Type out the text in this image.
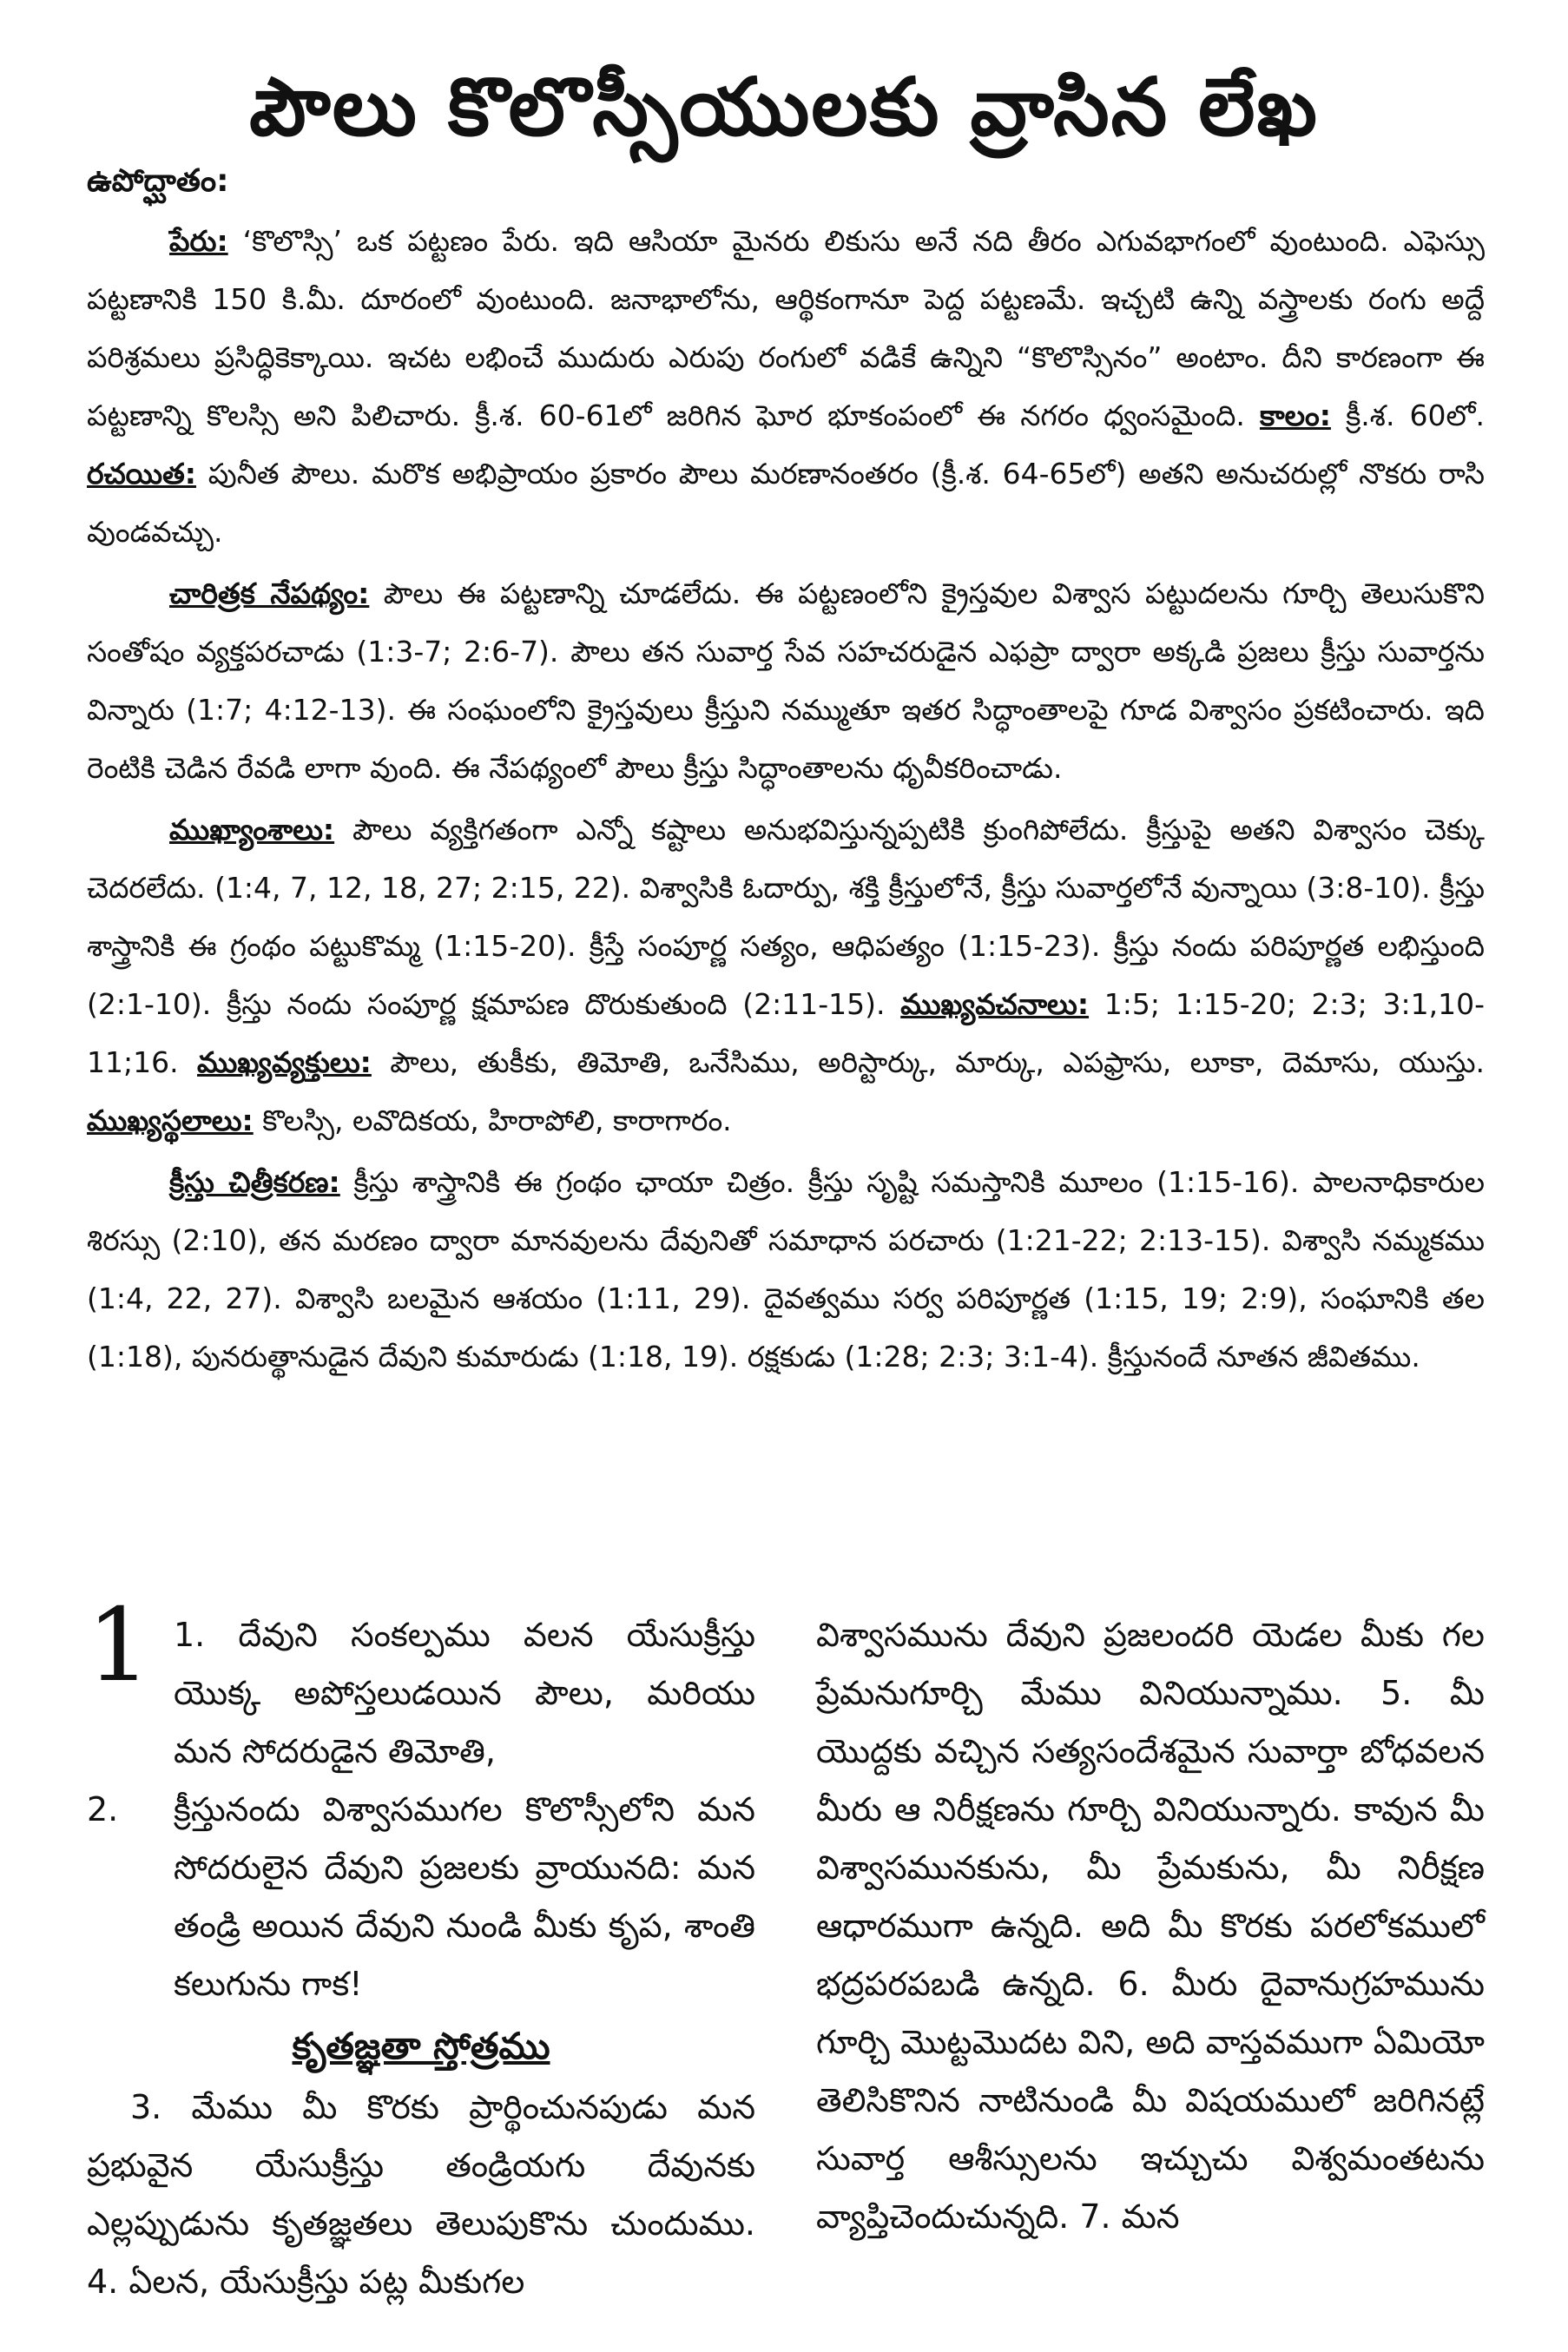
పౌలు కొలొస్సీయులకు వ్రాసిన లేఖ
ఉపోద్ఘాతం:

పేరు: ‘కొలొస్సి’ ఒక పట్టణం పేరు. ఇది ఆసియా మైనరు లికుసు అనే నది తీరం ఎగువభాగంలో వుంటుంది. ఎఫెస్సు పట్టణానికి 150 కి.మీ. దూరంలో వుంటుంది. జనాభాలోను, ఆర్థికంగానూ పెద్ద పట్టణమే. ఇచ్చటి ఉన్ని వస్త్రాలకు రంగు అద్దే పరిశ్రమలు ప్రసిద్ధికెక్కాయి. ఇచట లభించే ముదురు ఎరుపు రంగులో వడికే ఉన్నిని “కొలొస్సినం” అంటాం. దీని కారణంగా ఈ పట్టణాన్ని కొలస్సి అని పిలిచారు. క్రీ.శ. 60-61లో జరిగిన ఘోర భూకంపంలో ఈ నగరం ధ్వంసమైంది. కాలం: క్రీ.శ. 60లో. రచయిత: పునీత పౌలు. మరొక అభిప్రాయం ప్రకారం పౌలు మరణానంతరం (క్రీ.శ. 64-65లో) అతని అనుచరుల్లో నొకరు రాసి వుండవచ్చు.

చారిత్రక నేపథ్యం: పౌలు ఈ పట్టణాన్ని చూడలేదు. ఈ పట్టణంలోని క్రైస్తవుల విశ్వాస పట్టుదలను గూర్చి తెలుసుకొని సంతోషం వ్యక్తపరచాడు (1:3-7; 2:6-7). పౌలు తన సువార్త సేవ సహచరుడైన ఎఫప్రా ద్వారా అక్కడి ప్రజలు క్రీస్తు సువార్తను విన్నారు (1:7; 4:12-13). ఈ సంఘంలోని క్రైస్తవులు క్రీస్తుని నమ్ముతూ ఇతర సిద్ధాంతాలపై గూడ విశ్వాసం ప్రకటించారు. ఇది రెంటికి చెడిన రేవడి లాగా వుంది. ఈ నేపథ్యంలో పౌలు క్రీస్తు సిద్ధాంతాలను ధృవీకరించాడు.

ముఖ్యాంశాలు: పౌలు వ్యక్తిగతంగా ఎన్నో కష్టాలు అనుభవిస్తున్నప్పటికి క్రుంగిపోలేదు. క్రీస్తుపై అతని విశ్వాసం చెక్కు చెదరలేదు. (1:4, 7, 12, 18, 27; 2:15, 22). విశ్వాసికి ఓదార్పు, శక్తి క్రీస్తులోనే, క్రీస్తు సువార్తలోనే వున్నాయి (3:8-10). క్రీస్తు శాస్త్రానికి ఈ గ్రంథం పట్టుకొమ్మ (1:15-20). క్రీస్తే సంపూర్ణ సత్యం, ఆధిపత్యం (1:15-23). క్రీస్తు నందు పరిపూర్ణత లభిస్తుంది (2:1-10). క్రీస్తు నందు సంపూర్ణ క్షమాపణ దొరుకుతుంది (2:11-15). ముఖ్యవచనాలు: 1:5; 1:15-20; 2:3; 3:1,10-11;16. ముఖ్యవ్యక్తులు: పౌలు, తుకీకు, తిమోతి, ఒనేసిము, అరిస్టార్కు, మార్కు, ఎపఫ్రాసు, లూకా, దెమాసు, యుస్తు. ముఖ్యస్థలాలు: కొలస్సి, లవొదికయ, హిరాపోలి, కారాగారం.

క్రీస్తు చిత్రీకరణ: క్రీస్తు శాస్త్రానికి ఈ గ్రంథం ఛాయా చిత్రం. క్రీస్తు సృష్టి సమస్తానికి మూలం (1:15-16). పాలనాధికారుల శిరస్సు (2:10), తన మరణం ద్వారా మానవులను దేవునితో సమాధాన పరచారు (1:21-22; 2:13-15). విశ్వాసి నమ్మకము (1:4, 22, 27). విశ్వాసి బలమైన ఆశయం (1:11, 29). దైవత్వము సర్వ పరిపూర్ణత (1:15, 19; 2:9), సంఘానికి తల (1:18), పునరుత్థానుడైన దేవుని కుమారుడు (1:18, 19). రక్షకుడు (1:28; 2:3; 3:1-4). క్రీస్తునందే నూతన జీవితము.

1 1. దేవుని సంకల్పము వలన యేసుక్రీస్తు యొక్క అపోస్తలుడయిన పౌలు, మరియు మన సోదరుడైన తిమోతి,

2.	క్రీస్తునందు విశ్వాసముగల కొలొస్సీలోని మన సోదరులైన దేవుని ప్రజలకు వ్రాయునది: మన తండ్రి అయిన దేవుని నుండి మీకు కృప, శాంతి కలుగును గాక!
కృతజ్ఞతా స్తోత్రము

3. మేము మీ కొరకు ప్రార్థించునపుడు మన ప్రభువైన యేసుక్రీస్తు తండ్రియగు దేవునకు ఎల్లప్పుడును కృతజ్ఞతలు తెలుపుకొను చుందుము. 4. ఏలన, యేసుక్రీస్తు పట్ల మీకుగల

విశ్వాసమును దేవుని ప్రజలందరి యెడల మీకు గల ప్రేమనుగూర్చి మేము వినియున్నాము. 5. మీ యొద్దకు వచ్చిన సత్యసందేశమైన సువార్తా బోధవలన మీరు ఆ నిరీక్షణను గూర్చి వినియున్నారు. కావున మీ విశ్వాసమునకును, మీ ప్రేమకును, మీ నిరీక్షణ ఆధారముగా ఉన్నది. అది మీ కొరకు పరలోకములో భద్రపరపబడి ఉన్నది. 6. మీరు దైవానుగ్రహమును గూర్చి మొట్టమొదట విని, అది వాస్తవముగా ఏమియో తెలిసికొనిన నాటినుండి మీ విషయములో జరిగినట్లే సువార్త ఆశీస్సులను ఇచ్చుచు విశ్వమంతటను వ్యాప్తిచెందుచున్నది. 7. మన
